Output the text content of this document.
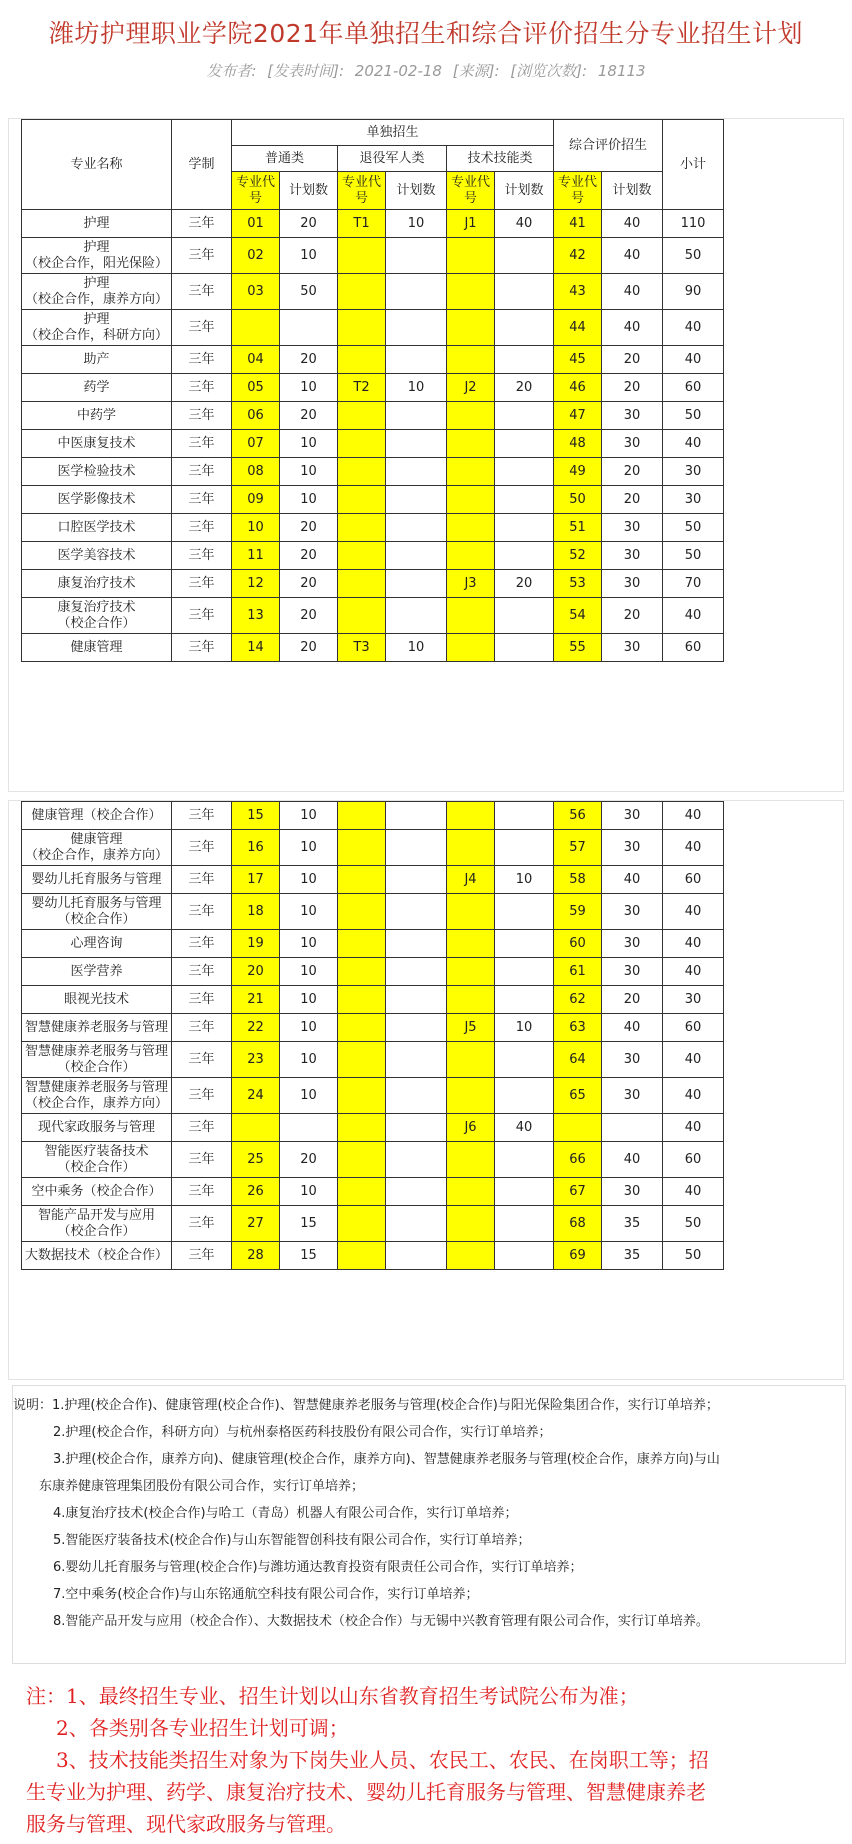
潍坊护理职业学院2021年单独招生和综合评价招生分专业招生计划
发布者: [发表时间]: 2021-02-18 [来源]: [浏览次数]: 18113
专业名称	学制	单独招生						综合评价招生		小计
		普通类		退役军人类		技术技能类				
		专业代号	计划数	专业代号	计划数	专业代号	计划数	专业代号	计划数	

护理	三年	01	20	T1	10	J1	40	41	40	110

护理
（校企合作，阳光保险）	三年	02	10					42	40	50

护理
（校企合作，康养方向）	三年	03	50					43	40	90

护理
（校企合作，科研方向）	三年							44	40	40

助产	三年	04	20					45	20	40

药学	三年	05	10	T2	10	J2	20	46	20	60

中药学	三年	06	20					47	30	50

中医康复技术	三年	07	10					48	30	40

医学检验技术	三年	08	10					49	20	30

医学影像技术	三年	09	10					50	20	30

口腔医学技术	三年	10	20					51	30	50

医学美容技术	三年	11	20					52	30	50

康复治疗技术	三年	12	20			J3	20	53	30	70

康复治疗技术
（校企合作）	三年	13	20					54	20	40

健康管理	三年	14	20	T3	10			55	30	60
健康管理（校企合作）	三年	15	10					56	30	40

健康管理
（校企合作，康养方向）	三年	16	10					57	30	40

婴幼儿托育服务与管理	三年	17	10			J4	10	58	40	60

婴幼儿托育服务与管理
（校企合作）	三年	18	10					59	30	40

心理咨询	三年	19	10					60	30	40

医学营养	三年	20	10					61	30	40

眼视光技术	三年	21	10					62	20	30

智慧健康养老服务与管理	三年	22	10			J5	10	63	40	60

智慧健康养老服务与管理
（校企合作）	三年	23	10					64	30	40

智慧健康养老服务与管理
（校企合作，康养方向）	三年	24	10					65	30	40

现代家政服务与管理	三年					J6	40			40

智能医疗装备技术
（校企合作）	三年	25	20					66	40	60

空中乘务（校企合作）	三年	26	10					67	30	40

智能产品开发与应用
（校企合作）	三年	27	15					68	35	50

大数据技术（校企合作）	三年	28	15					69	35	50
说明：1.护理(校企合作)、健康管理(校企合作)、智慧健康养老服务与管理(校企合作)与阳光保险集团合作，实行订单培养；
2.护理(校企合作，科研方向）与杭州泰格医药科技股份有限公司合作，实行订单培养；
3.护理(校企合作，康养方向)、健康管理(校企合作，康养方向)、智慧健康养老服务与管理(校企合作，康养方向)与山
东康养健康管理集团股份有限公司合作，实行订单培养；
4.康复治疗技术(校企合作)与哈工（青岛）机器人有限公司合作，实行订单培养；
5.智能医疗装备技术(校企合作)与山东智能智创科技有限公司合作，实行订单培养；
6.婴幼儿托育服务与管理(校企合作)与潍坊通达教育投资有限责任公司合作，实行订单培养；
7.空中乘务(校企合作)与山东铭通航空科技有限公司合作，实行订单培养；
8.智能产品开发与应用（校企合作）、大数据技术（校企合作）与无锡中兴教育管理有限公司合作，实行订单培养。
注：1、最终招生专业、招生计划以山东省教育招生考试院公布为准；
2、各类别各专业招生计划可调；
3、技术技能类招生对象为下岗失业人员、农民工、农民、在岗职工等；招
生专业为护理、药学、康复治疗技术、婴幼儿托育服务与管理、智慧健康养老
服务与管理、现代家政服务与管理。
